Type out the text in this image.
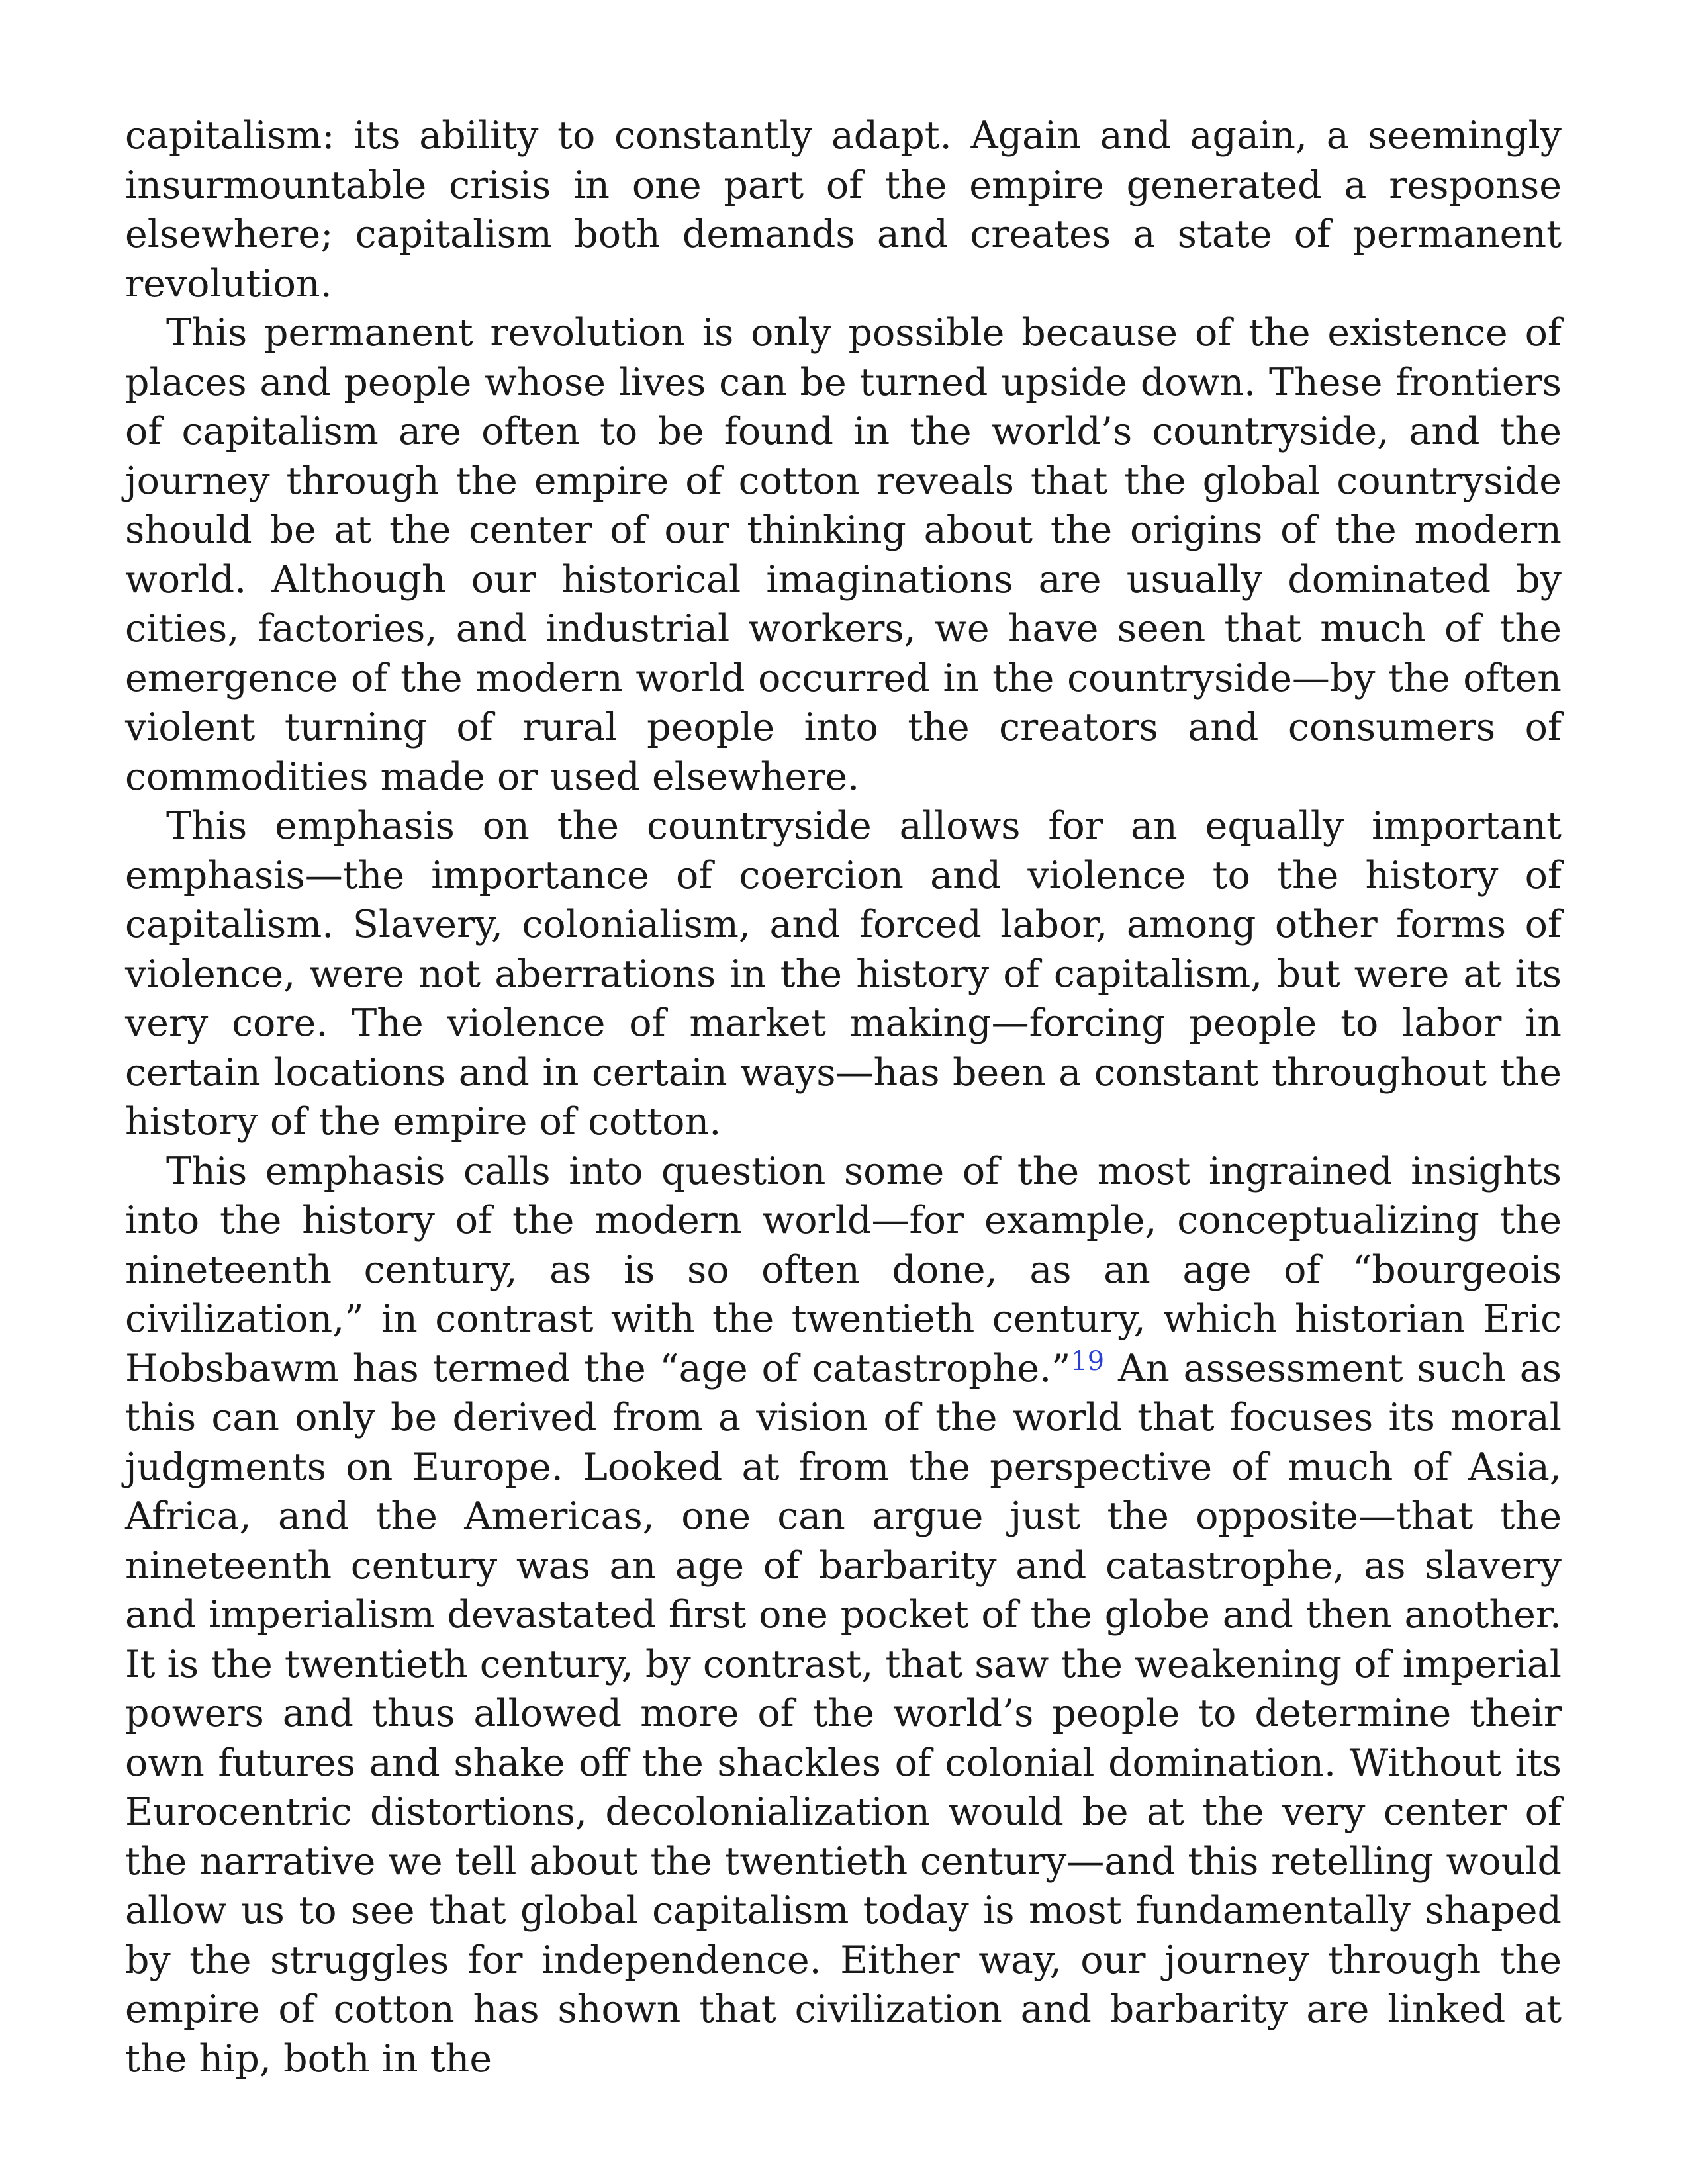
capitalism: its ability to constantly adapt. Again and again, a seemingly insurmountable crisis in one part of the empire generated a response elsewhere; capitalism both demands and creates a state of permanent revolution.

This permanent revolution is only possible because of the existence of places and people whose lives can be turned upside down. These frontiers of capitalism are often to be found in the world’s countryside, and the journey through the empire of cotton reveals that the global countryside should be at the center of our thinking about the origins of the modern world. Although our historical imaginations are usually dominated by cities, factories, and industrial workers, we have seen that much of the emergence of the modern world occurred in the countryside—by the often violent turning of rural people into the creators and consumers of commodities made or used elsewhere.

This emphasis on the countryside allows for an equally important emphasis—the importance of coercion and violence to the history of capitalism. Slavery, colonialism, and forced labor, among other forms of violence, were not aberrations in the history of capitalism, but were at its very core. The violence of market making—forcing people to labor in certain locations and in certain ways—has been a constant throughout the history of the empire of cotton.

This emphasis calls into question some of the most ingrained insights into the history of the modern world—for example, conceptualizing the nineteenth century, as is so often done, as an age of “bourgeois civilization,” in contrast with the twentieth century, which historian Eric Hobsbawm has termed the “age of catastrophe.”$^{19}$ An assessment such as this can only be derived from a vision of the world that focuses its moral judgments on Europe. Looked at from the perspective of much of Asia, Africa, and the Americas, one can argue just the opposite—that the nineteenth century was an age of barbarity and catastrophe, as slavery and imperialism devastated first one pocket of the globe and then another. It is the twentieth century, by contrast, that saw the weakening of imperial powers and thus allowed more of the world’s people to determine their own futures and shake off the shackles of colonial domination. Without its Eurocentric distortions, decolonialization would be at the very center of the narrative we tell about the twentieth century—and this retelling would allow us to see that global capitalism today is most fundamentally shaped by the struggles for independence. Either way, our journey through the empire of cotton has shown that civilization and barbarity are linked at the hip, both in the
